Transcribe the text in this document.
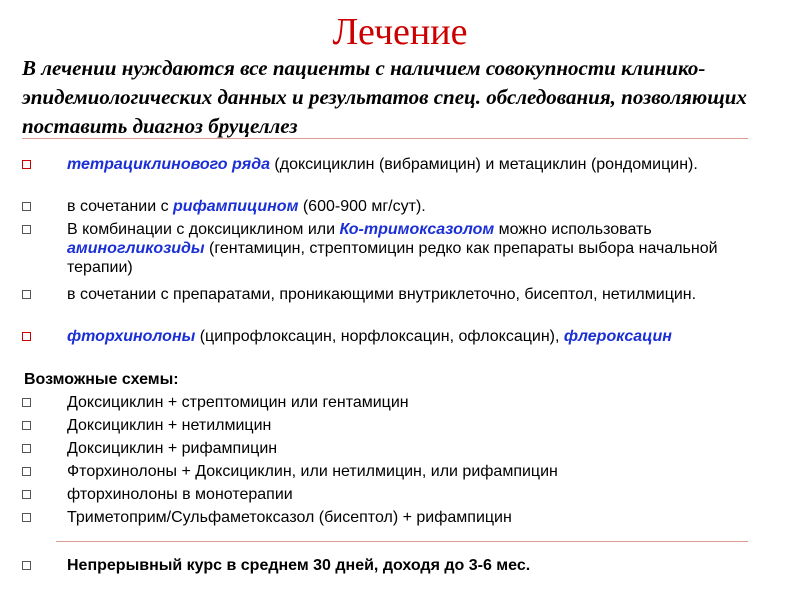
Лечение
В лечении нуждаются все пациенты с наличием совокупности клинико-эпидемиологических данных и результатов спец. обследования, позволяющих поставить диагноз бруцеллез
тетрациклинового ряда (доксициклин (вибрамицин) и метациклин (рондомицин).
в сочетании с рифампицином (600-900 мг/сут).
В комбинации с доксициклином или Ко-тримоксазолом можно использовать аминогликозиды (гентамицин, стрептомицин редко как препараты выбора начальной терапии)
в сочетании с препаратами, проникающими внутриклеточно, бисептол, нетилмицин.
фторхинолоны (ципрофлоксацин, норфлоксацин, офлоксацин), флероксацин
Возможные схемы:
Доксициклин + стрептомицин или гентамицин
Доксициклин + нетилмицин
Доксициклин + рифампицин
Фторхинолоны + Доксициклин, или нетилмицин, или рифампицин
фторхинолоны в монотерапии
Триметоприм/Сульфаметоксазол (бисептол) + рифампицин
Непрерывный курс в среднем 30 дней, доходя до 3-6 мес.
